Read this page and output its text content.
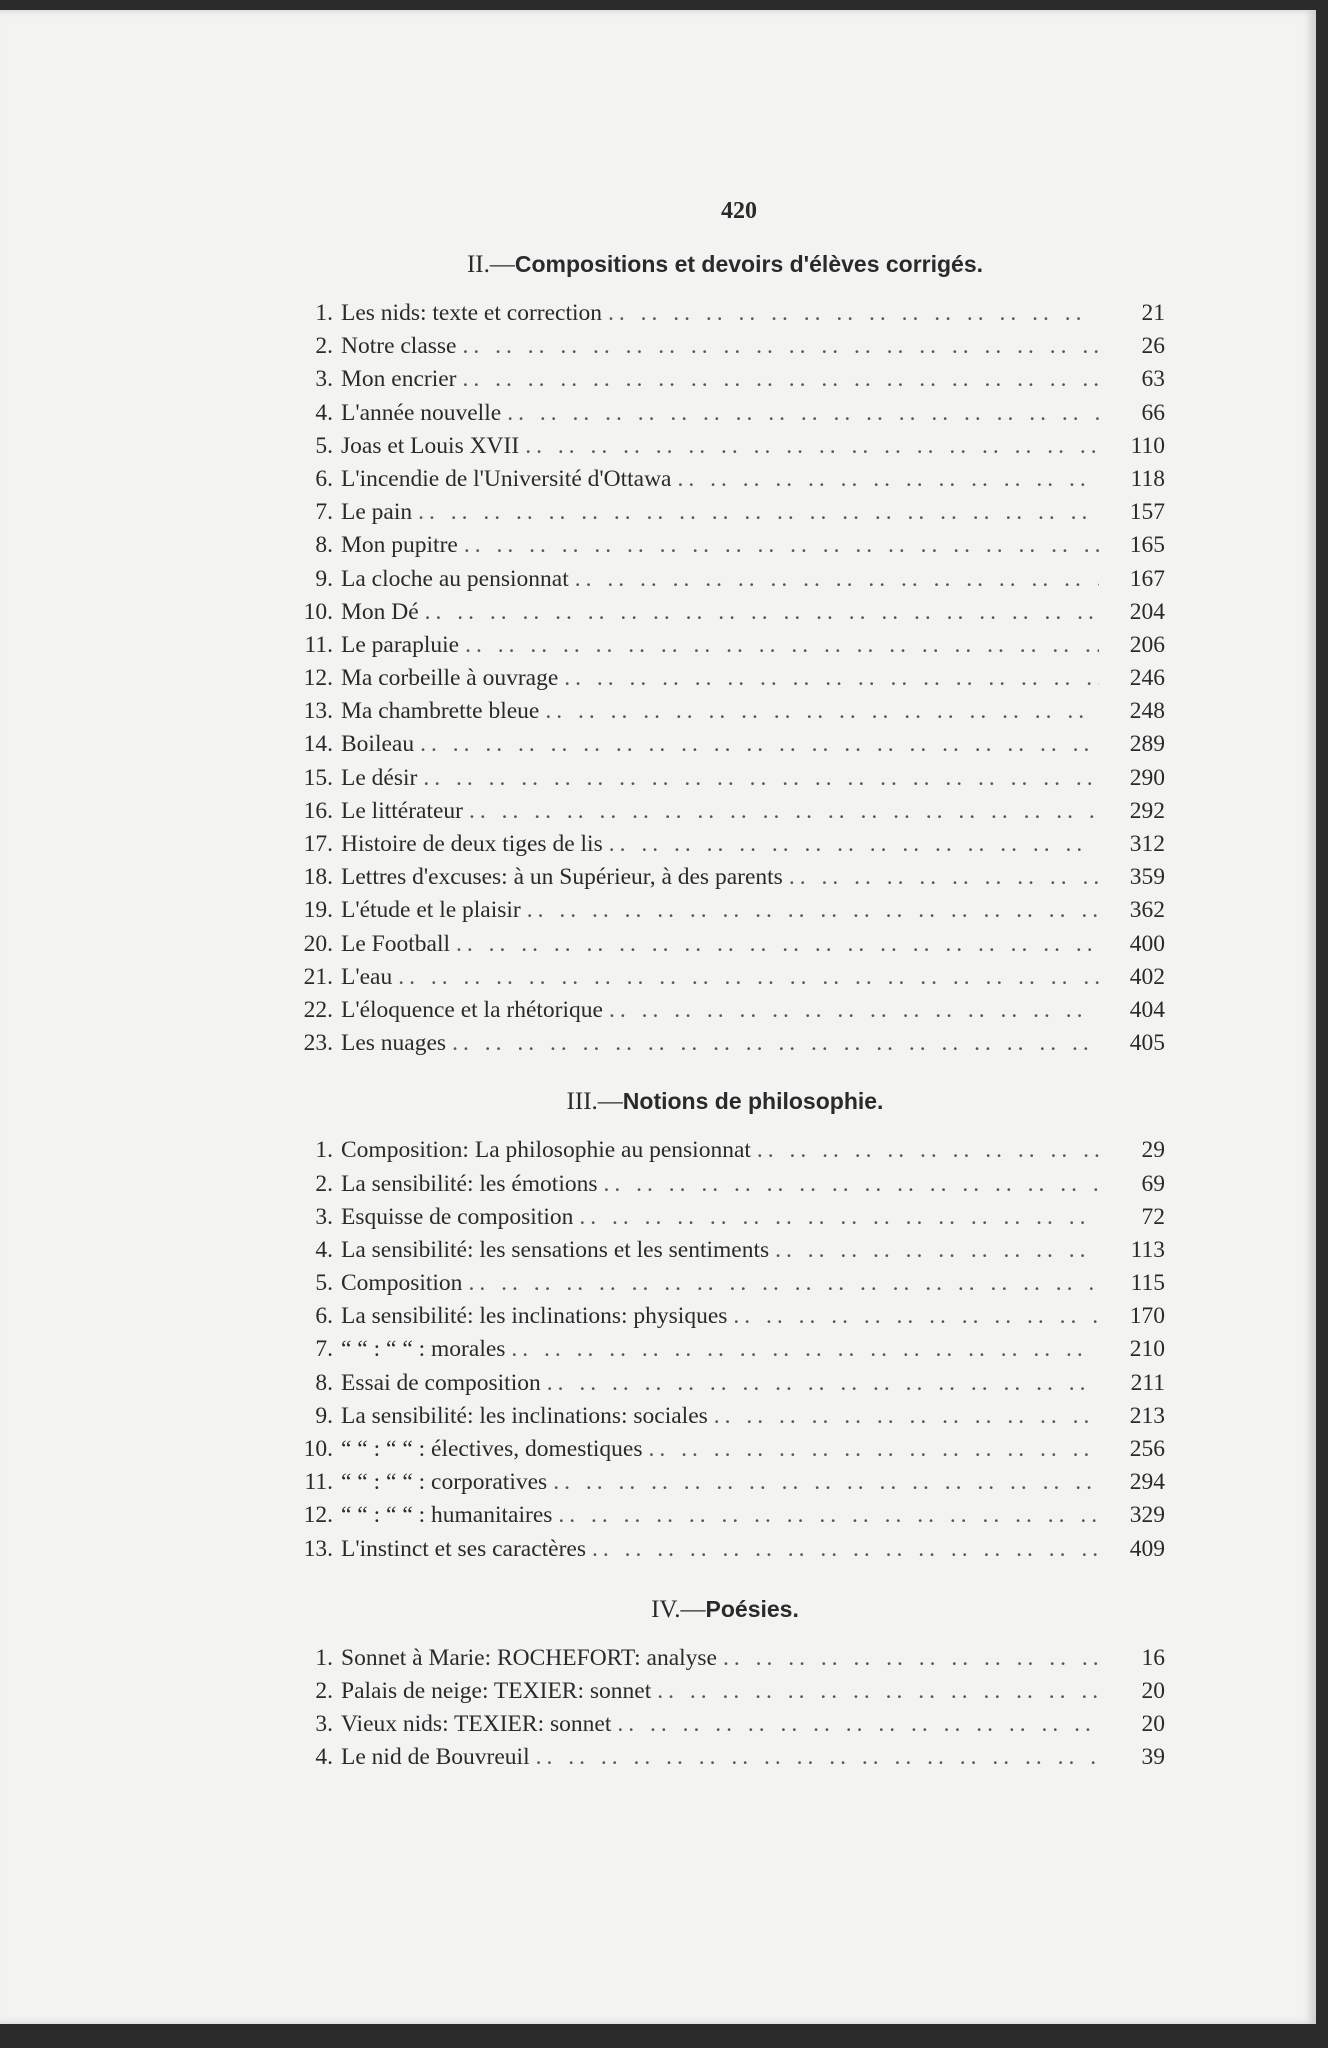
420
II.—Compositions et devoirs d'élèves corrigés.
1. Les nids: texte et correction .. ..	21
2. Notre classe .. ..	26
3. Mon encrier .. ..	63
4. L'année nouvelle .. ..	66
5. Joas et Louis XVII .. ..	110
6. L'incendie de l'Université d'Ottawa .. ..	118
7. Le pain .. ..	157
8. Mon pupitre .. ..	165
9. La cloche au pensionnat .. ..	167
10. Mon Dé .. ..	204
11. Le parapluie .. ..	206
12. Ma corbeille à ouvrage .. ..	246
13. Ma chambrette bleue .. ..	248
14. Boileau .. ..	289
15. Le désir .. ..	290
16. Le littérateur .. ..	292
17. Histoire de deux tiges de lis .. ..	312
18. Lettres d'excuses: à un Supérieur, à des parents .. ..	359
19. L'étude et le plaisir .. ..	362
20. Le Football .. ..	400
21. L'eau .. ..	402
22. L'éloquence et la rhétorique .. ..	404
23. Les nuages .. ..	405
III.—Notions de philosophie.
1. Composition: La philosophie au pensionnat .. ..	29
2. La sensibilité: les émotions .. ..	69
3. Esquisse de composition .. ..	72
4. La sensibilité: les sensations et les sentiments .. ..	113
5. Composition .. ..	115
6. La sensibilité: les inclinations: physiques .. ..	170
7. “ “ : “ “ : morales .. ..	210
8. Essai de composition .. ..	211
9. La sensibilité: les inclinations: sociales .. ..	213
10. “ “ : “ “ : électives, domestiques .. ..	256
11. “ “ : “ “ : corporatives .. ..	294
12. “ “ : “ “ : humanitaires .. ..	329
13. L'instinct et ses caractères .. ..	409
IV.—Poésies.
1. Sonnet à Marie: ROCHEFORT: analyse .. ..	16
2. Palais de neige: TEXIER: sonnet .. ..	20
3. Vieux nids: TEXIER: sonnet .. ..	20
4. Le nid de Bouvreuil .. ..	39
